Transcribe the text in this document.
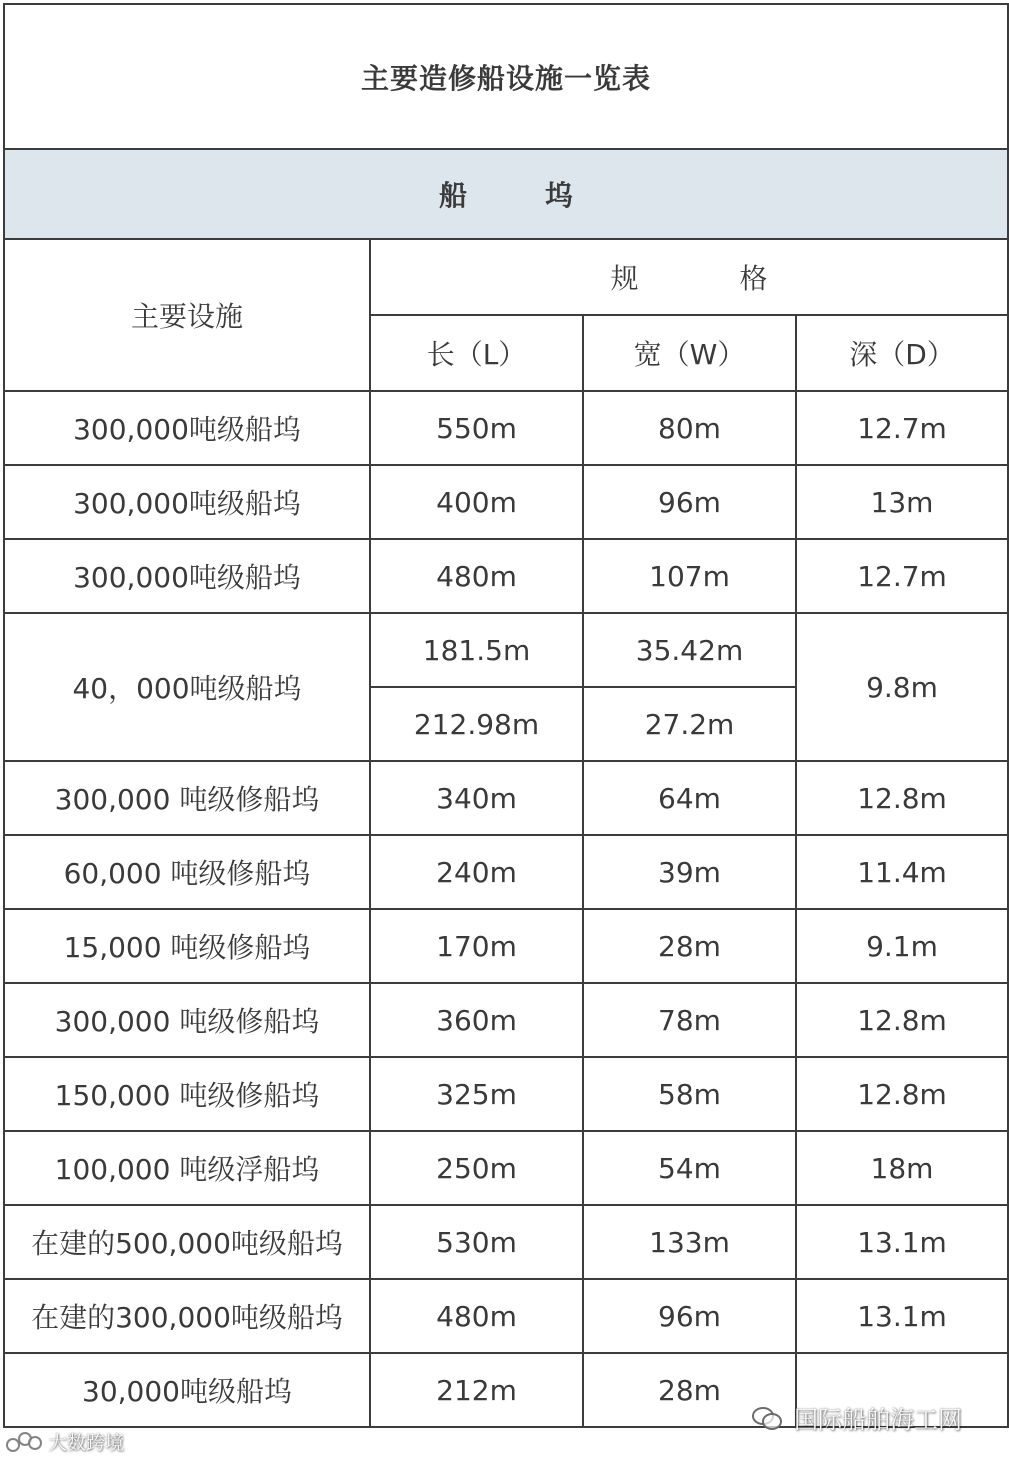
主要造修船设施一览表			
船 坞			
主要设施	规 格		
	长（L）	宽（W）	深（D）
300,000吨级船坞	550m	80m	12.7m
300,000吨级船坞	400m	96m	13m
300,000吨级船坞	480m	107m	12.7m
40，000吨级船坞	181.5m	35.42m	9.8m
	212.98m	27.2m	
300,000 吨级修船坞	340m	64m	12.8m
60,000 吨级修船坞	240m	39m	11.4m
15,000 吨级修船坞	170m	28m	9.1m
300,000 吨级修船坞	360m	78m	12.8m
150,000 吨级修船坞	325m	58m	12.8m
100,000 吨级浮船坞	250m	54m	18m
在建的500,000吨级船坞	530m	133m	13.1m
在建的300,000吨级船坞	480m	96m	13.1m
30,000吨级船坞	212m	28m	
国际船舶海工网
大数跨境
